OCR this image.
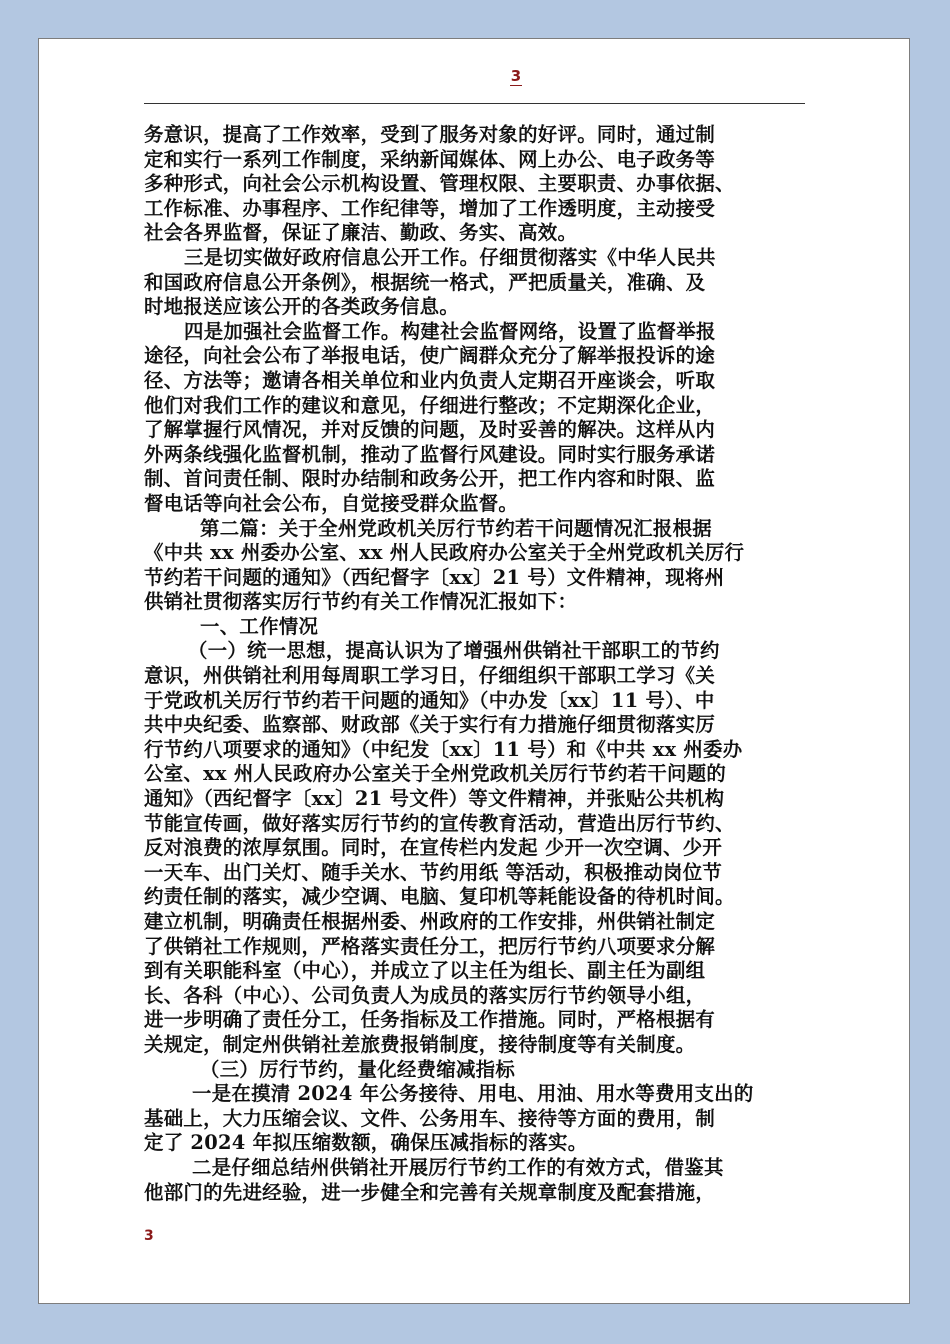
3
务意识，提高了工作效率，受到了服务对象的好评。同时，通过制
定和实行一系列工作制度，采纳新闻媒体、网上办公、电子政务等
多种形式，向社会公示机构设置、管理权限、主要职责、办事依据、
工作标准、办事程序、工作纪律等，增加了工作透明度，主动接受
社会各界监督，保证了廉洁、勤政、务实、高效。
三是切实做好政府信息公开工作。仔细贯彻落实《中华人民共
和国政府信息公开条例》，根据统一格式，严把质量关，准确、及
时地报送应该公开的各类政务信息。
四是加强社会监督工作。构建社会监督网络，设置了监督举报
途径，向社会公布了举报电话，使广阔群众充分了解举报投诉的途
径、方法等；邀请各相关单位和业内负责人定期召开座谈会，听取
他们对我们工作的建议和意见，仔细进行整改；不定期深化企业，
了解掌握行风情况，并对反馈的问题，及时妥善的解决。这样从内
外两条线强化监督机制，推动了监督行风建设。同时实行服务承诺
制、首问责任制、限时办结制和政务公开，把工作内容和时限、监
督电话等向社会公布，自觉接受群众监督。
第二篇：关于全州党政机关厉行节约若干问题情况汇报根据
《中共 xx 州委办公室、xx 州人民政府办公室关于全州党政机关厉行
节约若干问题的通知》（西纪督字〔xx〕21 号）文件精神，现将州
供销社贯彻落实厉行节约有关工作情况汇报如下：
一、工作情况
（一）统一思想，提高认识为了增强州供销社干部职工的节约
意识，州供销社利用每周职工学习日，仔细组织干部职工学习《关
于党政机关厉行节约若干问题的通知》（中办发〔xx〕11 号）、中
共中央纪委、监察部、财政部《关于实行有力措施仔细贯彻落实厉
行节约八项要求的通知》（中纪发〔xx〕11 号）和《中共 xx 州委办
公室、xx 州人民政府办公室关于全州党政机关厉行节约若干问题的
通知》（西纪督字〔xx〕21 号文件）等文件精神，并张贴公共机构
节能宣传画，做好落实厉行节约的宣传教育活动，营造出厉行节约、
反对浪费的浓厚氛围。同时，在宣传栏内发起 少开一次空调、少开
一天车、出门关灯、随手关水、节约用纸 等活动，积极推动岗位节
约责任制的落实，减少空调、电脑、复印机等耗能设备的待机时间。
建立机制，明确责任根据州委、州政府的工作安排，州供销社制定
了供销社工作规则，严格落实责任分工，把厉行节约八项要求分解
到有关职能科室（中心），并成立了以主任为组长、副主任为副组
长、各科（中心）、公司负责人为成员的落实厉行节约领导小组，
进一步明确了责任分工，任务指标及工作措施。同时，严格根据有
关规定，制定州供销社差旅费报销制度，接待制度等有关制度。
（三）厉行节约，量化经费缩减指标
一是在摸清 2024 年公务接待、用电、用油、用水等费用支出的
基础上，大力压缩会议、文件、公务用车、接待等方面的费用，制
定了 2024 年拟压缩数额，确保压减指标的落实。
二是仔细总结州供销社开展厉行节约工作的有效方式，借鉴其
他部门的先进经验，进一步健全和完善有关规章制度及配套措施，
3
